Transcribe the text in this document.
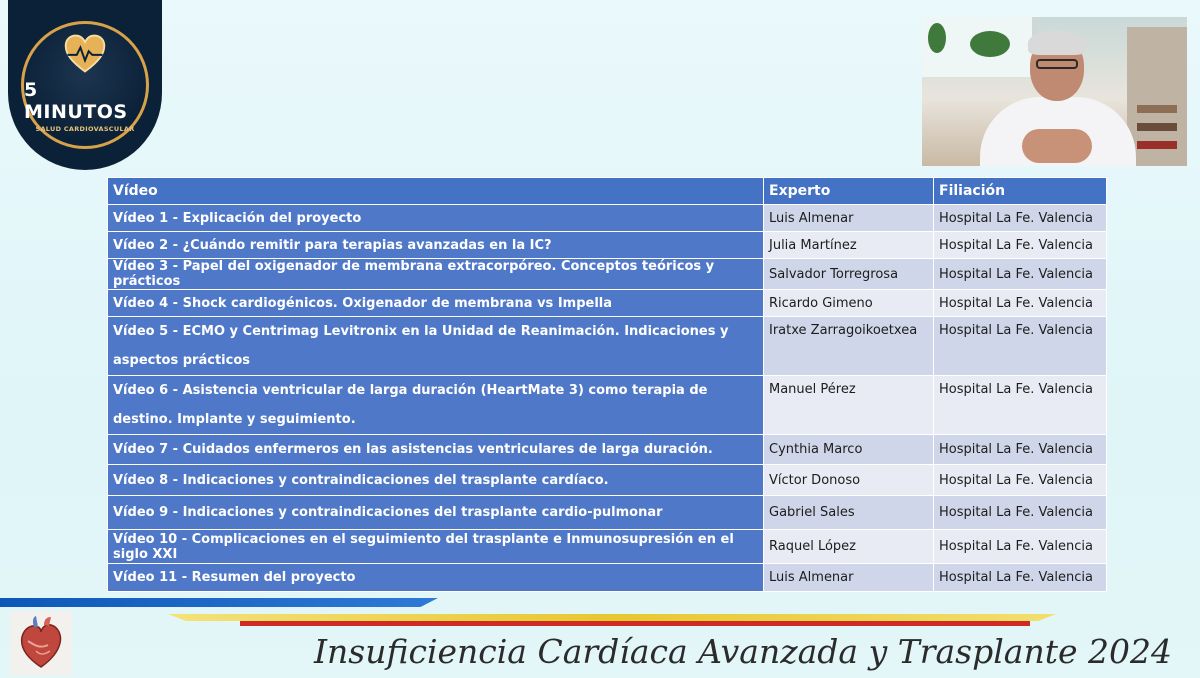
5 MINUTOS
SALUD CARDIOVASCULAR
Vídeo	Experto	Filiación
Vídeo 1 - Explicación del proyecto	Luis Almenar	Hospital La Fe. Valencia
Vídeo 2 - ¿Cuándo remitir para terapias avanzadas en la IC?	Julia Martínez	Hospital La Fe. Valencia
Vídeo 3 - Papel del oxigenador de membrana extracorpóreo. Conceptos teóricos y prácticos	Salvador Torregrosa	Hospital La Fe. Valencia
Vídeo 4 - Shock cardiogénicos. Oxigenador de membrana vs Impella	Ricardo Gimeno	Hospital La Fe. Valencia
Vídeo 5 - ECMO y Centrimag Levitronix en la Unidad de Reanimación. Indicaciones y aspectos prácticos	Iratxe Zarragoikoetxea	Hospital La Fe. Valencia
Vídeo 6 - Asistencia ventricular de larga duración (HeartMate 3) como terapia de destino. Implante y seguimiento.	Manuel Pérez	Hospital La Fe. Valencia
Vídeo 7 - Cuidados enfermeros en las asistencias ventriculares de larga duración.	Cynthia Marco	Hospital La Fe. Valencia
Vídeo 8 - Indicaciones y contraindicaciones del trasplante cardíaco.	Víctor Donoso	Hospital La Fe. Valencia
Vídeo 9 - Indicaciones y contraindicaciones del trasplante cardio-pulmonar	Gabriel Sales	Hospital La Fe. Valencia
Vídeo 10 - Complicaciones en el seguimiento del trasplante e Inmunosupresión en el siglo XXI	Raquel López	Hospital La Fe. Valencia
Vídeo 11 - Resumen del proyecto	Luis Almenar	Hospital La Fe. Valencia
Insuficiencia Cardíaca Avanzada y Trasplante 2024
